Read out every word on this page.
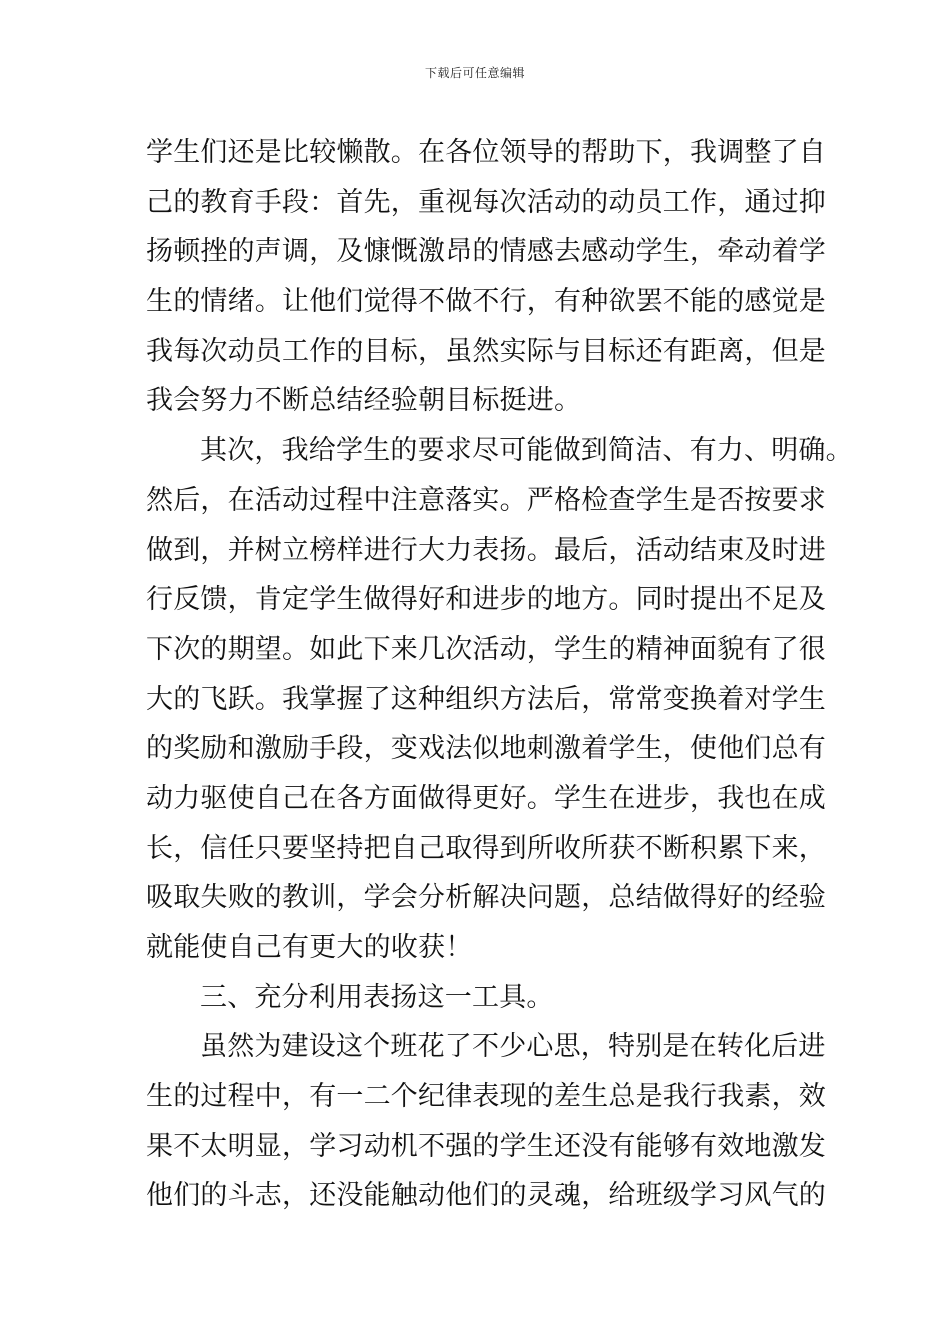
下载后可任意编辑
学生们还是比较懒散。在各位领导的帮助下，我调整了自
己的教育手段：首先，重视每次活动的动员工作，通过抑
扬顿挫的声调，及慷慨激昂的情感去感动学生，牵动着学
生的情绪。让他们觉得不做不行，有种欲罢不能的感觉是
我每次动员工作的目标，虽然实际与目标还有距离，但是
我会努力不断总结经验朝目标挺进。
其次，我给学生的要求尽可能做到简洁、有力、明确。
然后，在活动过程中注意落实。严格检查学生是否按要求
做到，并树立榜样进行大力表扬。最后，活动结束及时进
行反馈，肯定学生做得好和进步的地方。同时提出不足及
下次的期望。如此下来几次活动，学生的精神面貌有了很
大的飞跃。我掌握了这种组织方法后，常常变换着对学生
的奖励和激励手段，变戏法似地刺激着学生，使他们总有
动力驱使自己在各方面做得更好。学生在进步，我也在成
长，信任只要坚持把自己取得到所收所获不断积累下来，
吸取失败的教训，学会分析解决问题，总结做得好的经验
就能使自己有更大的收获！
三、充分利用表扬这一工具。
虽然为建设这个班花了不少心思，特别是在转化后进
生的过程中，有一二个纪律表现的差生总是我行我素，效
果不太明显，学习动机不强的学生还没有能够有效地激发
他们的斗志，还没能触动他们的灵魂，给班级学习风气的
